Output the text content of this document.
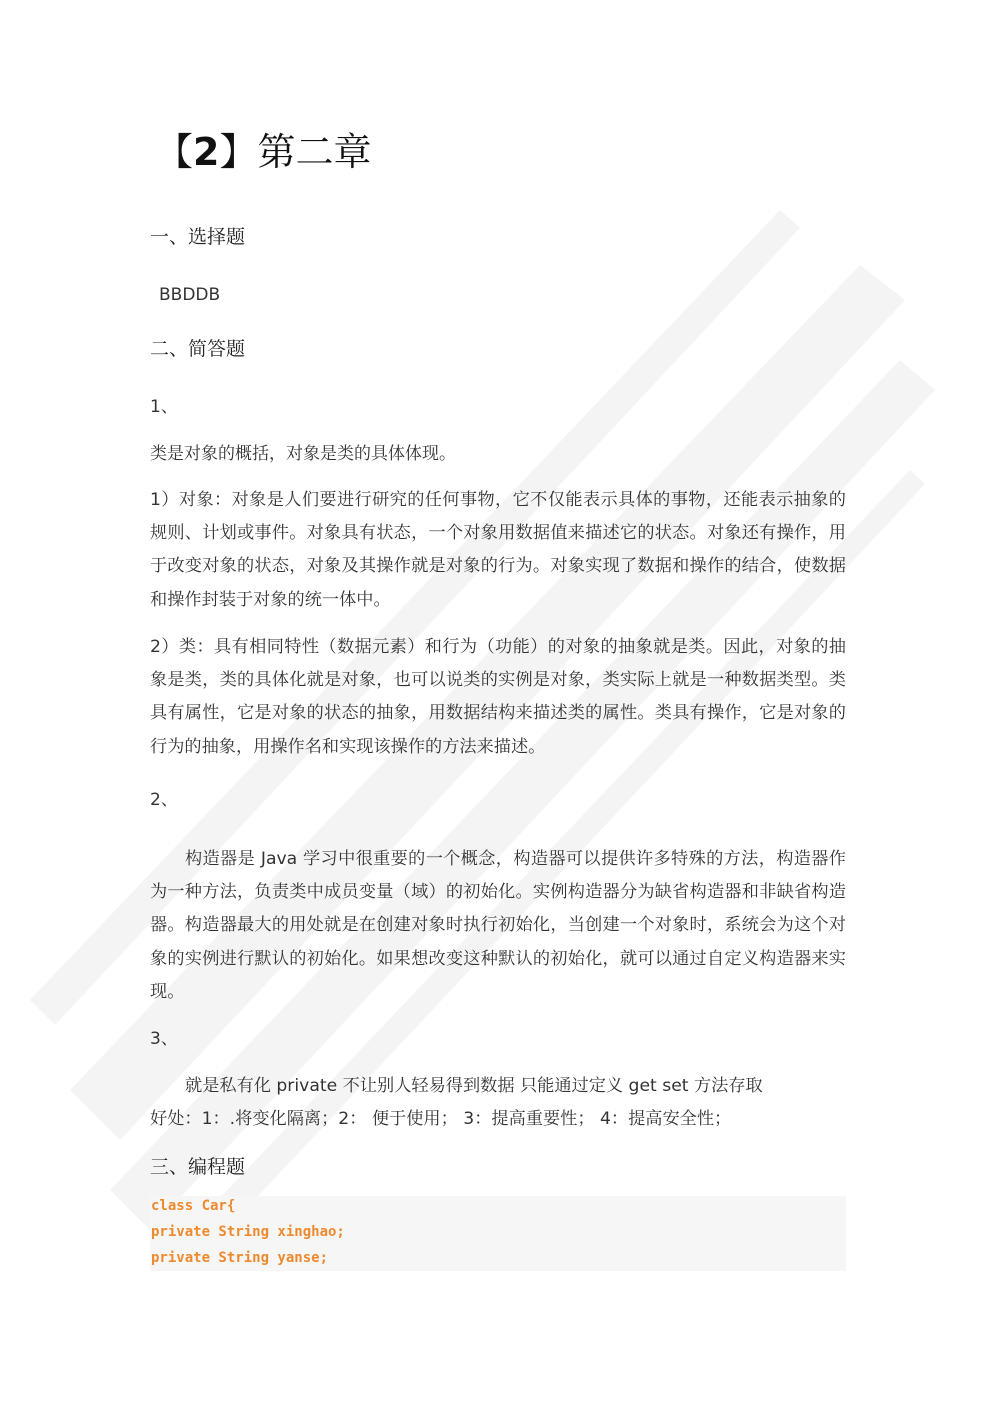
【2】第二章
一、选择题

BBDDB

二、简答题

1、

类是对象的概括，对象是类的具体体现。

1）对象：对象是人们要进行研究的任何事物，它不仅能表示具体的事物，还能表示抽象的规则、计划或事件。对象具有状态，一个对象用数据值来描述它的状态。对象还有操作，用于改变对象的状态，对象及其操作就是对象的行为。对象实现了数据和操作的结合，使数据和操作封装于对象的统一体中。

2）类：具有相同特性（数据元素）和行为（功能）的对象的抽象就是类。因此，对象的抽象是类，类的具体化就是对象，也可以说类的实例是对象，类实际上就是一种数据类型。类具有属性，它是对象的状态的抽象，用数据结构来描述类的属性。类具有操作，它是对象的行为的抽象，用操作名和实现该操作的方法来描述。

2、

构造器是 Java 学习中很重要的一个概念，构造器可以提供许多特殊的方法，构造器作为一种方法，负责类中成员变量（域）的初始化。实例构造器分为缺省构造器和非缺省构造器。构造器最大的用处就是在创建对象时执行初始化，当创建一个对象时，系统会为这个对象的实例进行默认的初始化。如果想改变这种默认的初始化，就可以通过自定义构造器来实现。

3、

就是私有化 private 不让别人轻易得到数据 只能通过定义 get set 方法存取

好处：1：.将变化隔离；2： 便于使用； 3：提高重要性； 4：提高安全性；

三、编程题
class Car{
private String xinghao;
private String yanse;
